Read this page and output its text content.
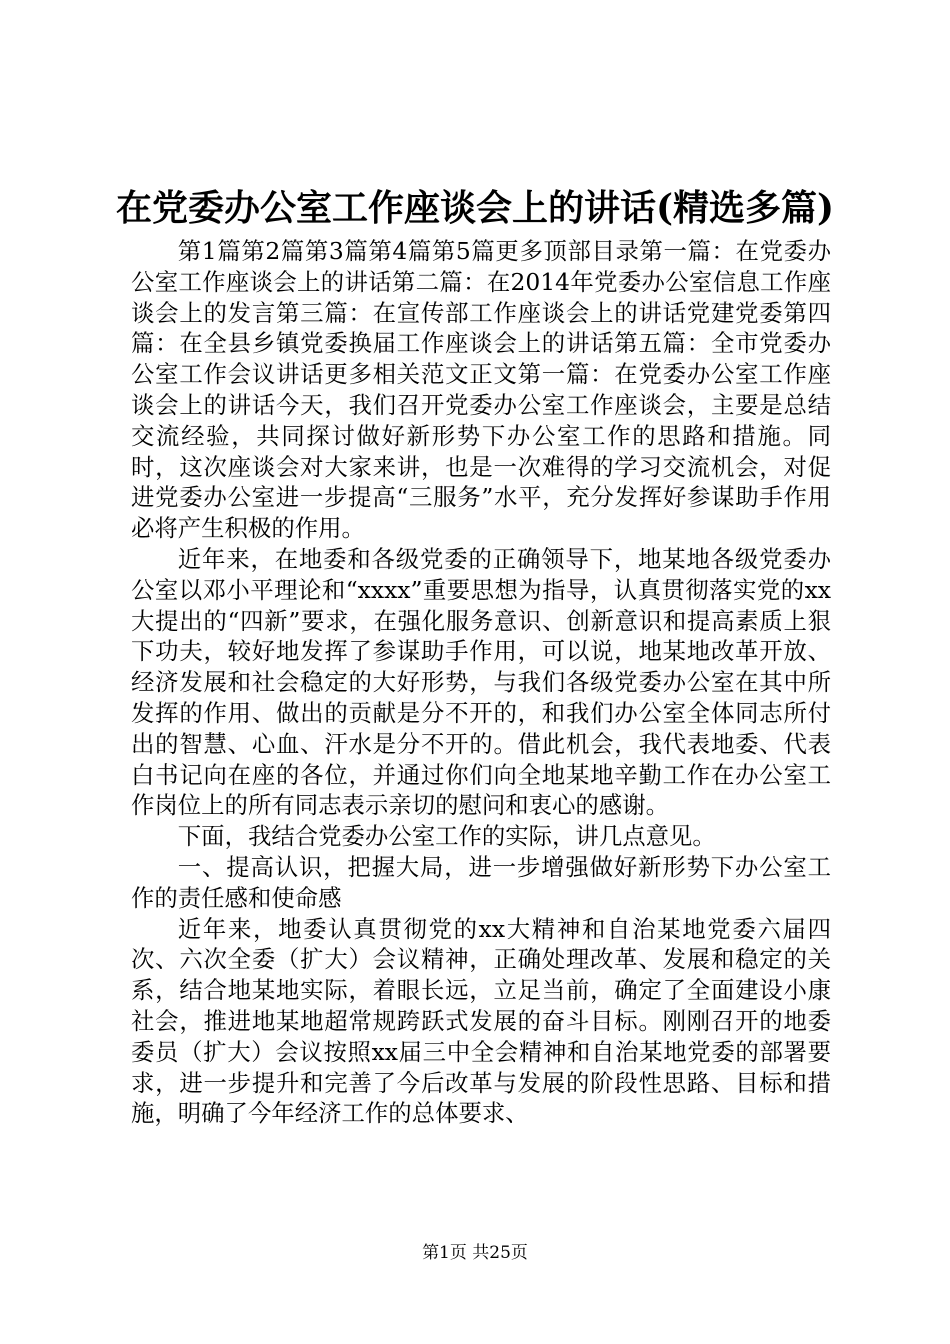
在党委办公室工作座谈会上的讲话(精选多篇)

第1篇第2篇第3篇第4篇第5篇更多顶部目录第一篇：在党委办公室工作座谈会上的讲话第二篇：在2014年党委办公室信息工作座谈会上的发言第三篇：在宣传部工作座谈会上的讲话党建党委第四篇：在全县乡镇党委换届工作座谈会上的讲话第五篇：全市党委办公室工作会议讲话更多相关范文正文第一篇：在党委办公室工作座谈会上的讲话今天，我们召开党委办公室工作座谈会，主要是总结交流经验，共同探讨做好新形势下办公室工作的思路和措施。同时，这次座谈会对大家来讲，也是一次难得的学习交流机会，对促进党委办公室进一步提高“三服务”水平，充分发挥好参谋助手作用必将产生积极的作用。

近年来，在地委和各级党委的正确领导下，地某地各级党委办公室以邓小平理论和“xxxx”重要思想为指导，认真贯彻落实党的xx大提出的“四新”要求，在强化服务意识、创新意识和提高素质上狠下功夫，较好地发挥了参谋助手作用，可以说，地某地改革开放、经济发展和社会稳定的大好形势，与我们各级党委办公室在其中所发挥的作用、做出的贡献是分不开的，和我们办公室全体同志所付出的智慧、心血、汗水是分不开的。借此机会，我代表地委、代表白书记向在座的各位，并通过你们向全地某地辛勤工作在办公室工作岗位上的所有同志表示亲切的慰问和衷心的感谢。

下面，我结合党委办公室工作的实际，讲几点意见。

一、提高认识，把握大局，进一步增强做好新形势下办公室工作的责任感和使命感

近年来，地委认真贯彻党的xx大精神和自治某地党委六届四次、六次全委（扩大）会议精神，正确处理改革、发展和稳定的关系，结合地某地实际，着眼长远，立足当前，确定了全面建设小康社会，推进地某地超常规跨跃式发展的奋斗目标。刚刚召开的地委委员（扩大）会议按照xx届三中全会精神和自治某地党委的部署要求，进一步提升和完善了今后改革与发展的阶段性思路、目标和措施，明确了今年经济工作的总体要求、

第1页 共25页
